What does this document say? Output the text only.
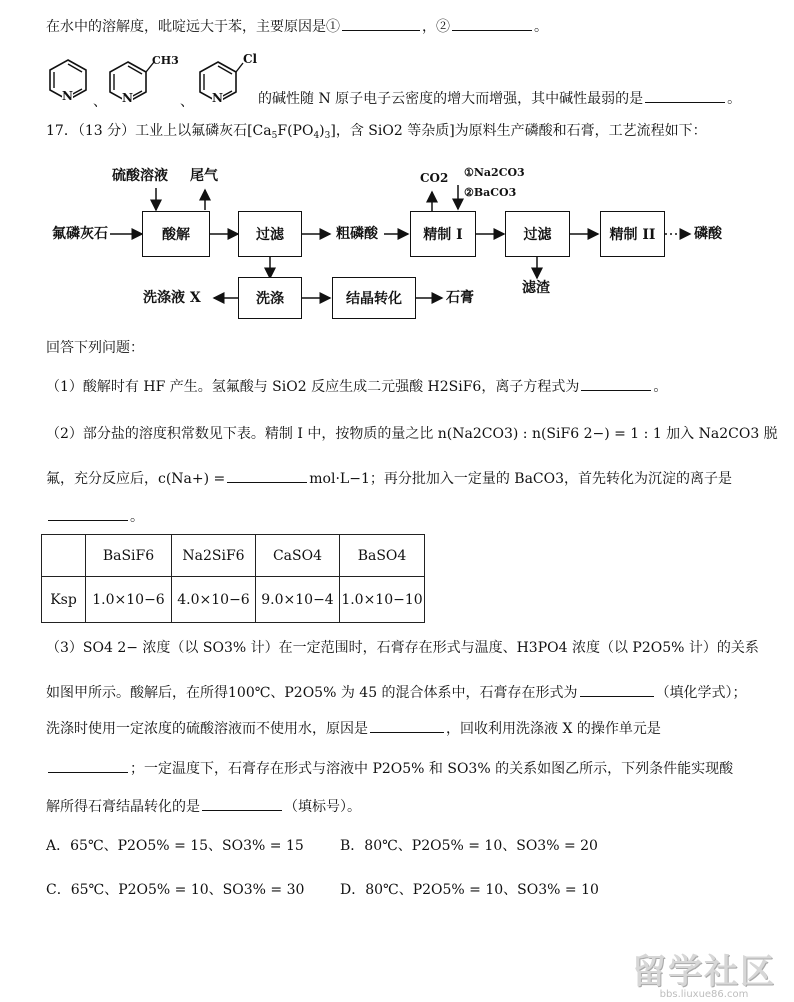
在水中的溶解度，吡啶远大于苯，主要原因是①	，②	。
N 、
CH3
N	、
Cl
N	的碱性随 N 原子电子云密度的增大而增强，其中碱性最弱的是	。
17．（13 分）工业上以氟磷灰石$[Ca_5F(PO_4)_3]$，含 SiO2 等杂质]为原料生产磷酸和石膏，工艺流程如下：
氟磷灰石
硫酸溶液 尾气
酸解	过滤	粗磷酸	精制 I
CO2 ①Na2CO3
②BaCO3
过滤	精制 II	磷酸
滤渣
洗涤
洗涤液 X	结晶转化	石膏
回答下列问题：
（1）酸解时有 HF 产生。氢氟酸与 SiO2 反应生成二元强酸 H2SiF6，离子方程式为	。
（2）部分盐的溶度积常数见下表。精制 I 中，按物质的量之比 n(Na2CO3) : n(SiF6 2−) = 1 : 1 加入 Na2CO3 脱
氟，充分反应后，c(Na+) =	mol·L−1；再分批加入一定量的 BaCO3，首先转化为沉淀的离子是
。
	BaSiF6	Na2SiF6	CaSO4	BaSO4
Ksp	1.0×10−6	4.0×10−6	9.0×10−4	1.0×10−10
（3）SO4 2− 浓度（以 SO3% 计）在一定范围时，石膏存在形式与温度、H3PO4 浓度（以 P2O5% 计）的关系
如图甲所示。酸解后，在所得100℃、P2O5% 为 45 的混合体系中，石膏存在形式为	（填化学式）；
洗涤时使用一定浓度的硫酸溶液而不使用水，原因是	，回收利用洗涤液 X 的操作单元是
；一定温度下，石膏存在形式与溶液中 P2O5% 和 SO3% 的关系如图乙所示，下列条件能实现酸
解所得石膏结晶转化的是	（填标号）。
A．65℃、P2O5% = 15、SO3% = 15	B．80℃、P2O5% = 10、SO3% = 20
C．65℃、P2O5% = 10、SO3% = 30	D．80℃、P2O5% = 10、SO3% = 10
留学社区
bbs.liuxue86.com
